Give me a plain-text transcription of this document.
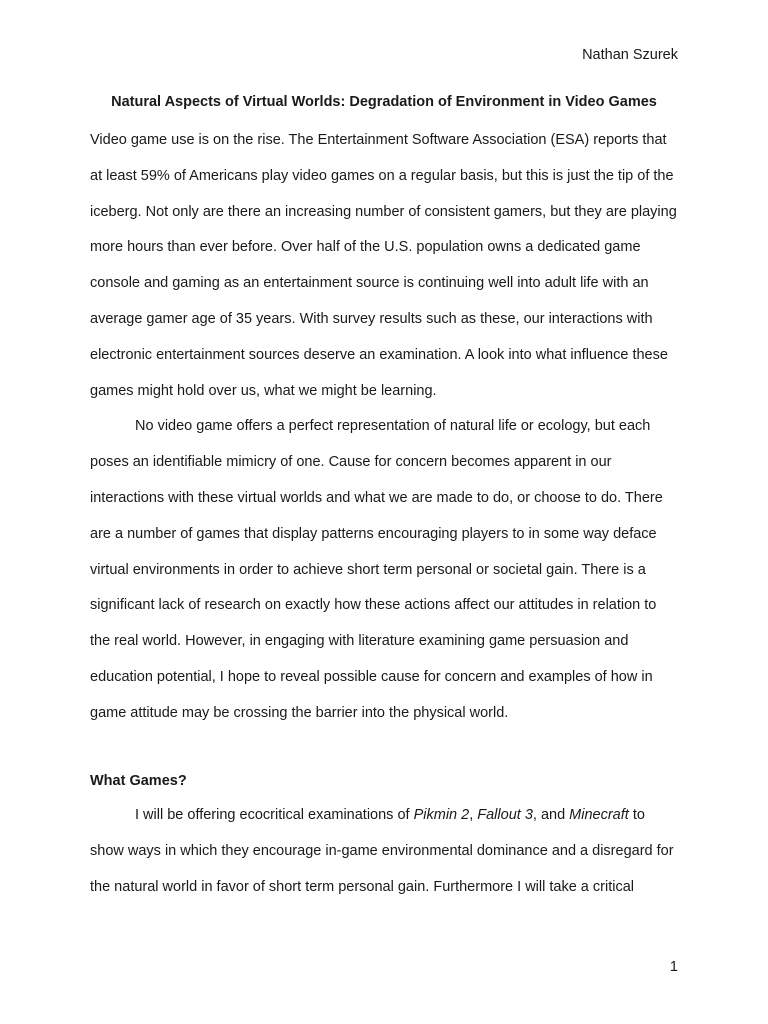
Nathan Szurek
Natural Aspects of Virtual Worlds: Degradation of Environment in Video Games

Video game use is on the rise. The Entertainment Software Association (ESA) reports that at least 59% of Americans play video games on a regular basis, but this is just the tip of the iceberg. Not only are there an increasing number of consistent gamers, but they are playing more hours than ever before. Over half of the U.S. population owns a dedicated game console and gaming as an entertainment source is continuing well into adult life with an average gamer age of 35 years. With survey results such as these, our interactions with electronic entertainment sources deserve an examination. A look into what influence these games might hold over us, what we might be learning.

No video game offers a perfect representation of natural life or ecology, but each poses an identifiable mimicry of one. Cause for concern becomes apparent in our interactions with these virtual worlds and what we are made to do, or choose to do. There are a number of games that display patterns encouraging players to in some way deface virtual environments in order to achieve short term personal or societal gain. There is a significant lack of research on exactly how these actions affect our attitudes in relation to the real world. However, in engaging with literature examining game persuasion and education potential, I hope to reveal possible cause for concern and examples of how in game attitude may be crossing the barrier into the physical world.

What Games?

I will be offering ecocritical examinations of Pikmin 2, Fallout 3, and Minecraft to show ways in which they encourage in-game environmental dominance and a disregard for the natural world in favor of short term personal gain. Furthermore I will take a critical

1
